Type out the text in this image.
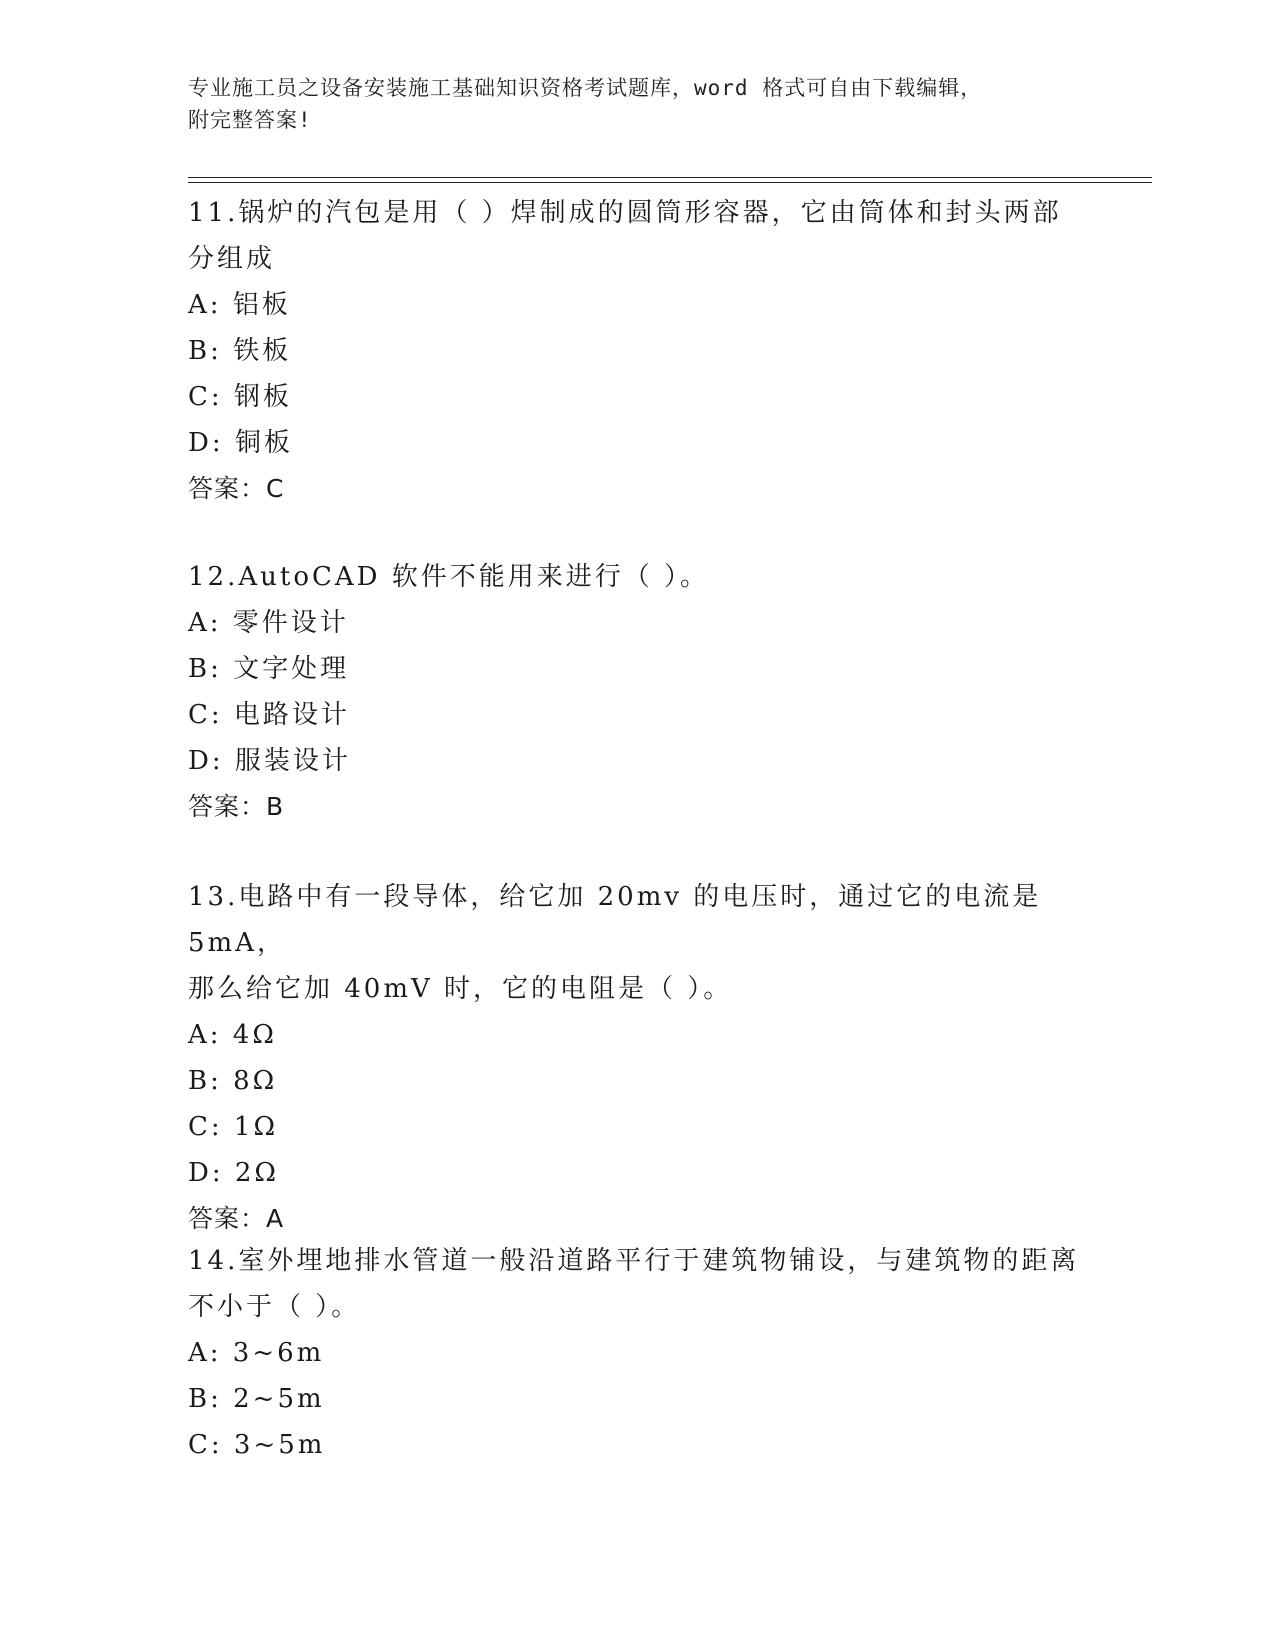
专业施工员之设备安装施工基础知识资格考试题库，word 格式可自由下载编辑，
附完整答案!
11.锅炉的汽包是用（ ）焊制成的圆筒形容器，它由筒体和封头两部
分组成
A: 铝板
B: 铁板
C: 钢板
D: 铜板
答案：C
12.AutoCAD 软件不能用来进行（ ）。
A: 零件设计
B: 文字处理
C: 电路设计
D: 服装设计
答案：B
13.电路中有一段导体，给它加 20mv 的电压时，通过它的电流是 5mA，
那么给它加 40mV 时，它的电阻是（ ）。
A: 4Ω
B: 8Ω
C: 1Ω
D: 2Ω
答案：A
14.室外埋地排水管道一般沿道路平行于建筑物铺设，与建筑物的距离
不小于（ ）。
A: 3~6m
B: 2~5m
C: 3~5m
